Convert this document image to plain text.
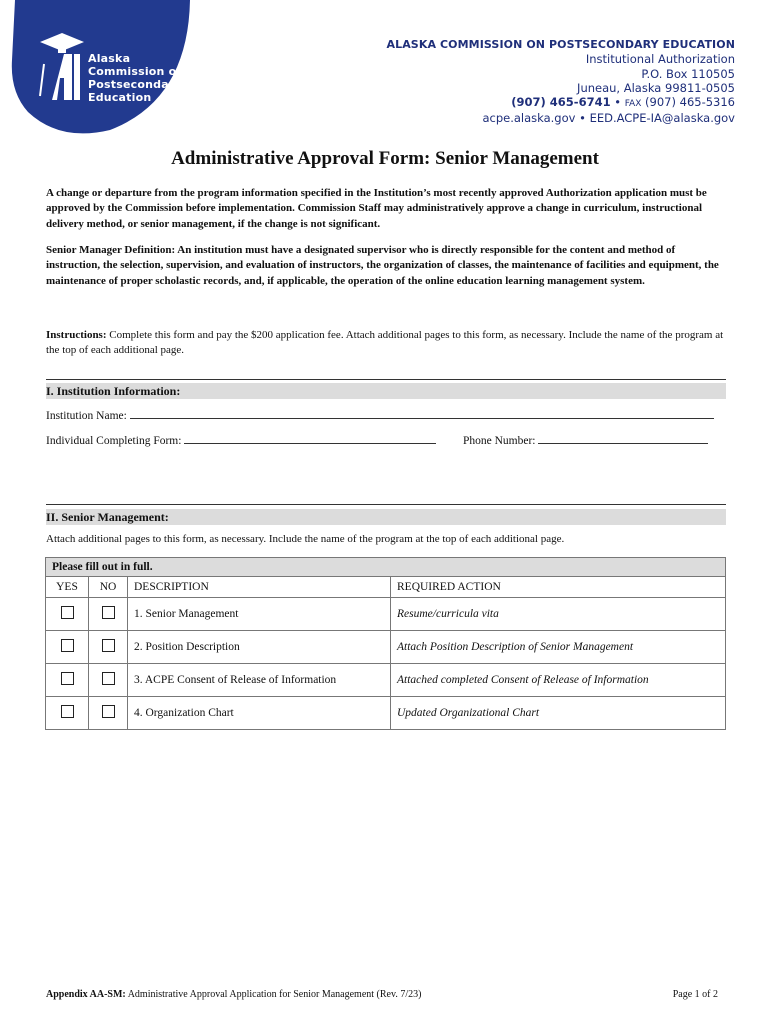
Alaska
Commission on
Postsecondary
Education
ALASKA COMMISSION ON POSTSECONDARY EDUCATION
Institutional Authorization
P.O. Box 110505
Juneau, Alaska 99811-0505
(907) 465-6741 • FAX (907) 465-5316
acpe.alaska.gov • EED.ACPE-IA@alaska.gov
Administrative Approval Form: Senior Management
A change or departure from the program information specified in the Institution’s most recently approved Authorization application must be approved by the Commission before implementation. Commission Staff may administratively approve a change in curriculum, instructional delivery method, or senior management, if the change is not significant.
Senior Manager Definition: An institution must have a designated supervisor who is directly responsible for the content and method of instruction, the selection, supervision, and evaluation of instructors, the organization of classes, the maintenance of facilities and equipment, the maintenance of proper scholastic records, and, if applicable, the operation of the online education learning management system.
Instructions: Complete this form and pay the $200 application fee. Attach additional pages to this form, as necessary. Include the name of the program at the top of each additional page.
I. Institution Information:
Institution Name:
Individual Completing Form:	Phone Number:
II. Senior Management:
Attach additional pages to this form, as necessary. Include the name of the program at the top of each additional page.
Please fill out in full.			
YES	NO	DESCRIPTION	REQUIRED ACTION
		1. Senior Management	Resume/curricula vita
		2. Position Description	Attach Position Description of Senior Management
		3. ACPE Consent of Release of Information	Attached completed Consent of Release of Information
		4. Organization Chart	Updated Organizational Chart
Appendix AA-SM: Administrative Approval Application for Senior Management (Rev. 7/23)	Page 1 of 2
